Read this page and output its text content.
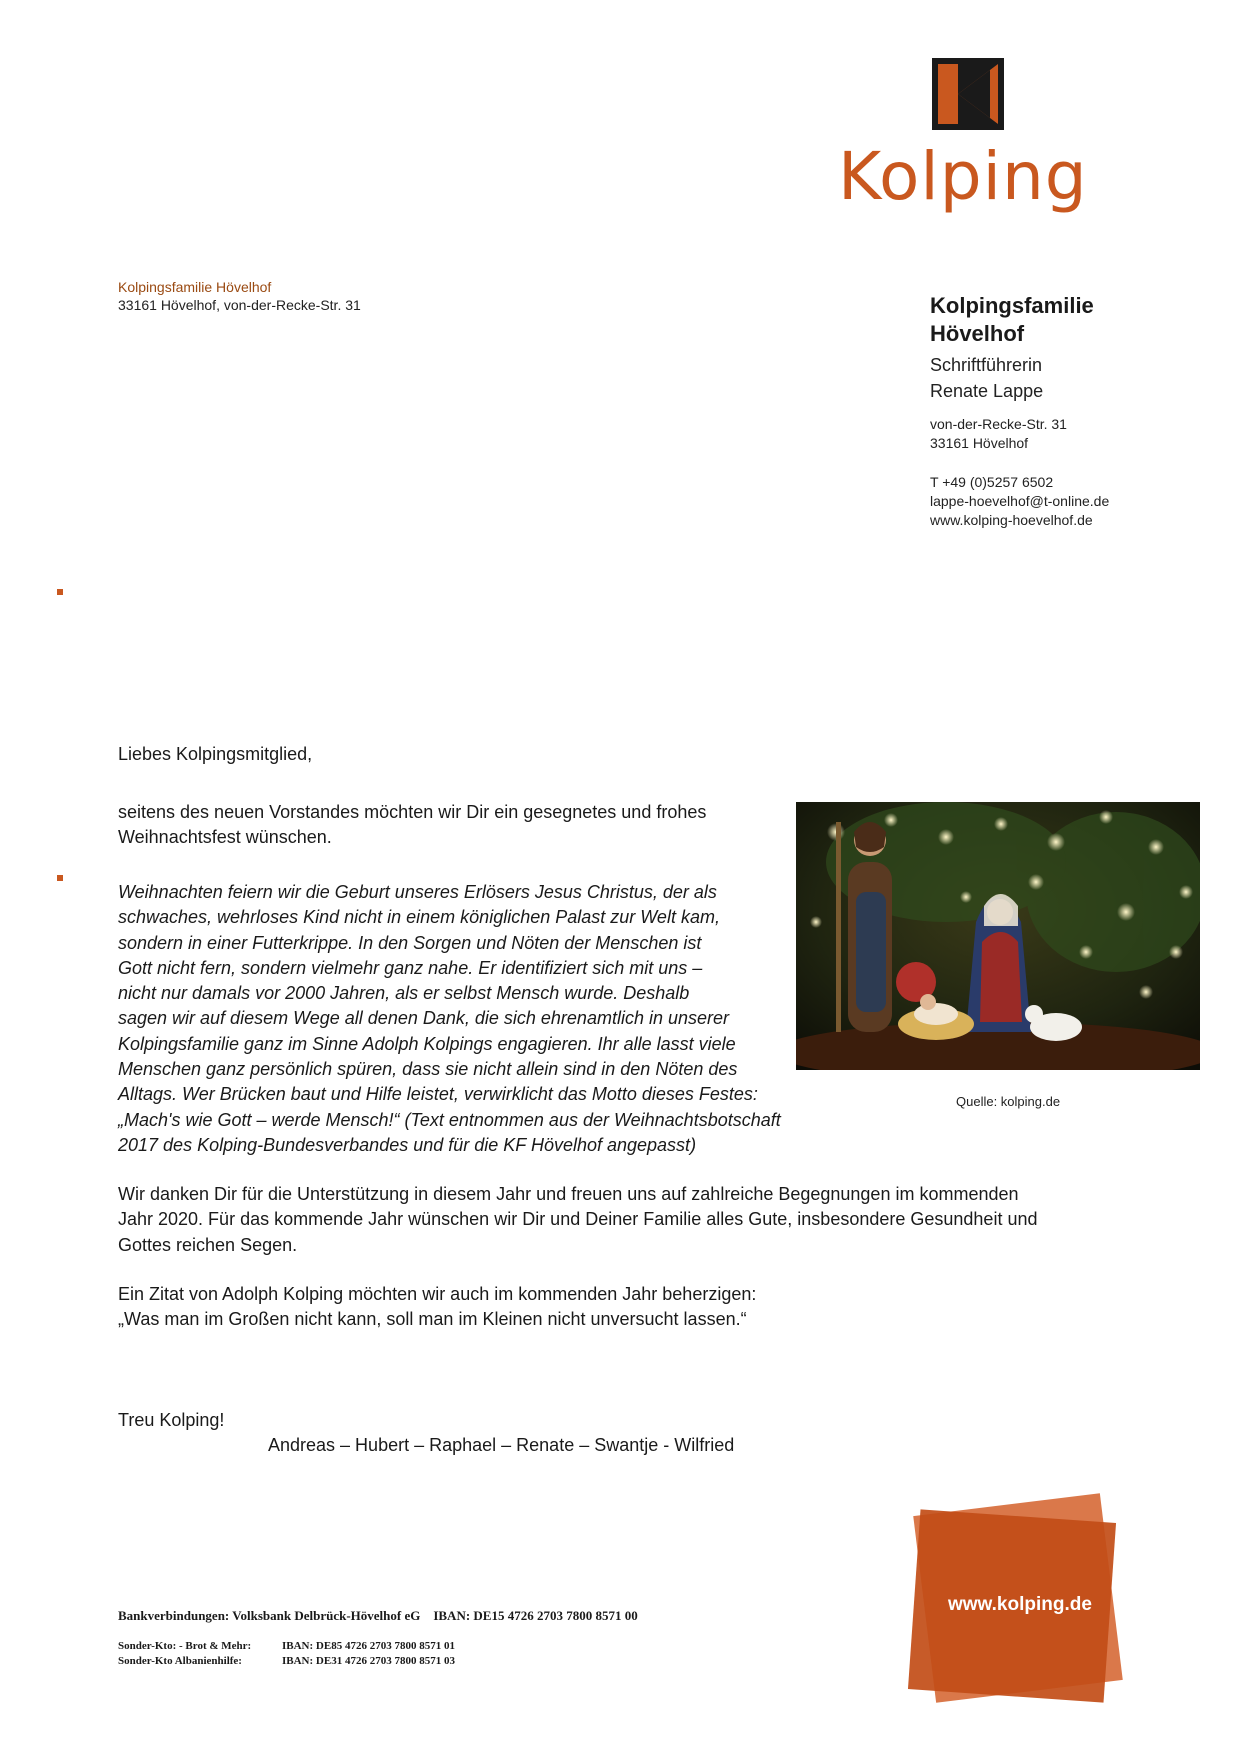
Kolping
Kolpingsfamilie Hövelhof
33161 Hövelhof, von-der-Recke-Str. 31	Kolpingsfamilie
Hövelhof
Schriftführerin
Renate Lappe
von-der-Recke-Str. 31
33161 Hövelhof
T +49 (0)5257 6502
lappe-hoevelhof@t-online.de
www.kolping-hoevelhof.de
Liebes Kolpingsmitglied,
seitens des neuen Vorstandes möchten wir Dir ein gesegnetes und frohes
Weihnachtsfest wünschen.
Weihnachten feiern wir die Geburt unseres Erlösers Jesus Christus, der als
schwaches, wehrloses Kind nicht in einem königlichen Palast zur Welt kam,
sondern in einer Futterkrippe. In den Sorgen und Nöten der Menschen ist
Gott nicht fern, sondern vielmehr ganz nahe. Er identifiziert sich mit uns –
nicht nur damals vor 2000 Jahren, als er selbst Mensch wurde. Deshalb
sagen wir auf diesem Wege all denen Dank, die sich ehrenamtlich in unserer
Kolpingsfamilie ganz im Sinne Adolph Kolpings engagieren. Ihr alle lasst viele
Menschen ganz persönlich spüren, dass sie nicht allein sind in den Nöten des
Alltags. Wer Brücken baut und Hilfe leistet, verwirklicht das Motto dieses Festes:
„Mach's wie Gott – werde Mensch!“ (Text entnommen aus der Weihnachtsbotschaft
2017 des Kolping-Bundesverbandes und für die KF Hövelhof angepasst)
Quelle: kolping.de
Wir danken Dir für die Unterstützung in diesem Jahr und freuen uns auf zahlreiche Begegnungen im kommenden
Jahr 2020. Für das kommende Jahr wünschen wir Dir und Deiner Familie alles Gute, insbesondere Gesundheit und
Gottes reichen Segen.
Ein Zitat von Adolph Kolping möchten wir auch im kommenden Jahr beherzigen:
„Was man im Großen nicht kann, soll man im Kleinen nicht unversucht lassen.“
Treu Kolping!
Andreas – Hubert – Raphael – Renate – Swantje - Wilfried
Bankverbindungen: Volksbank Delbrück-Hövelhof eG    IBAN: DE15 4726 2703 7800 8571 00
Sonder-Kto: - Brot & Mehr:	IBAN: DE85 4726 2703 7800 8571 01
Sonder-Kto Albanienhilfe:	IBAN: DE31 4726 2703 7800 8571 03
www.kolping.de
